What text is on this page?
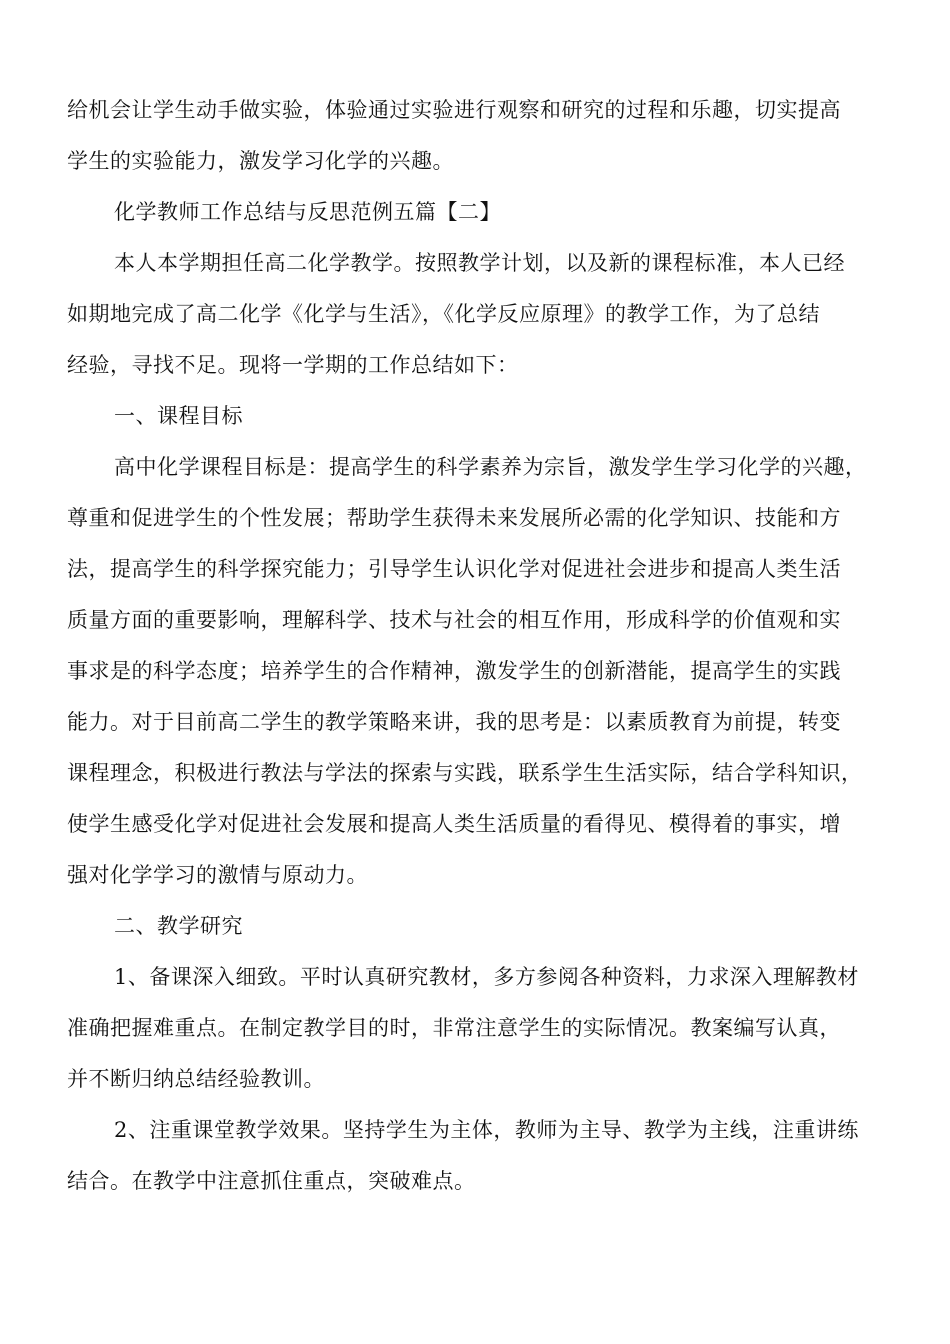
给机会让学生动手做实验，体验通过实验进行观察和研究的过程和乐趣，切实提高
学生的实验能力，激发学习化学的兴趣。

化学教师工作总结与反思范例五篇【二】

本人本学期担任高二化学教学。按照教学计划，以及新的课程标准，本人已经
如期地完成了高二化学《化学与生活》，《化学反应原理》的教学工作，为了总结
经验，寻找不足。现将一学期的工作总结如下：

一、课程目标

高中化学课程目标是：提高学生的科学素养为宗旨，激发学生学习化学的兴趣，
尊重和促进学生的个性发展；帮助学生获得未来发展所必需的化学知识、技能和方
法，提高学生的科学探究能力；引导学生认识化学对促进社会进步和提高人类生活
质量方面的重要影响，理解科学、技术与社会的相互作用，形成科学的价值观和实
事求是的科学态度；培养学生的合作精神，激发学生的创新潜能，提高学生的实践
能力。对于目前高二学生的教学策略来讲，我的思考是：以素质教育为前提，转变
课程理念，积极进行教法与学法的探索与实践，联系学生生活实际，结合学科知识，
使学生感受化学对促进社会发展和提高人类生活质量的看得见、模得着的事实，增
强对化学学习的激情与原动力。

二、教学研究

1、备课深入细致。平时认真研究教材，多方参阅各种资料，力求深入理解教材
准确把握难重点。在制定教学目的时，非常注意学生的实际情况。教案编写认真，
并不断归纳总结经验教训。

2、注重课堂教学效果。坚持学生为主体，教师为主导、教学为主线，注重讲练
结合。在教学中注意抓住重点，突破难点。
